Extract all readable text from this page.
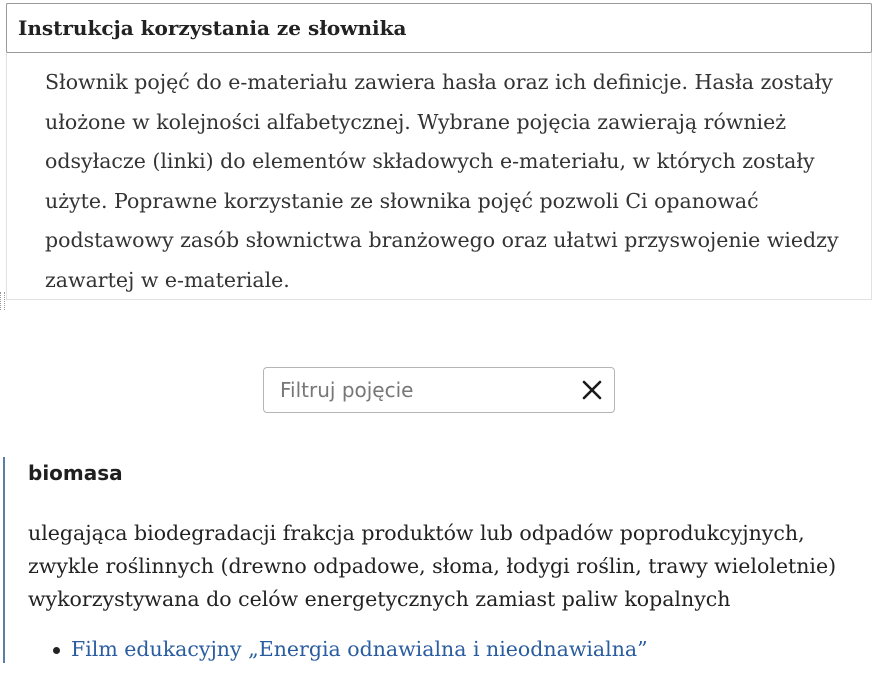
Instrukcja korzystania ze słownika
Słownik pojęć do e-materiału zawiera hasła oraz ich definicje. Hasła zostały ułożone w kolejności alfabetycznej. Wybrane pojęcia zawierają również odsyłacze (linki) do elementów składowych e-materiału, w których zostały użyte. Poprawne korzystanie ze słownika pojęć pozwoli Ci opanować podstawowy zasób słownictwa branżowego oraz ułatwi przyswojenie wiedzy zawartej w e-materiale.
Filtruj pojęcie
biomasa
ulegająca biodegradacji frakcja produktów lub odpadów poprodukcyjnych, zwykle roślinnych (drewno odpadowe, słoma, łodygi roślin, trawy wieloletnie) wykorzystywana do celów energetycznych zamiast paliw kopalnych
Film edukacyjny „Energia odnawialna i nieodnawialna”
